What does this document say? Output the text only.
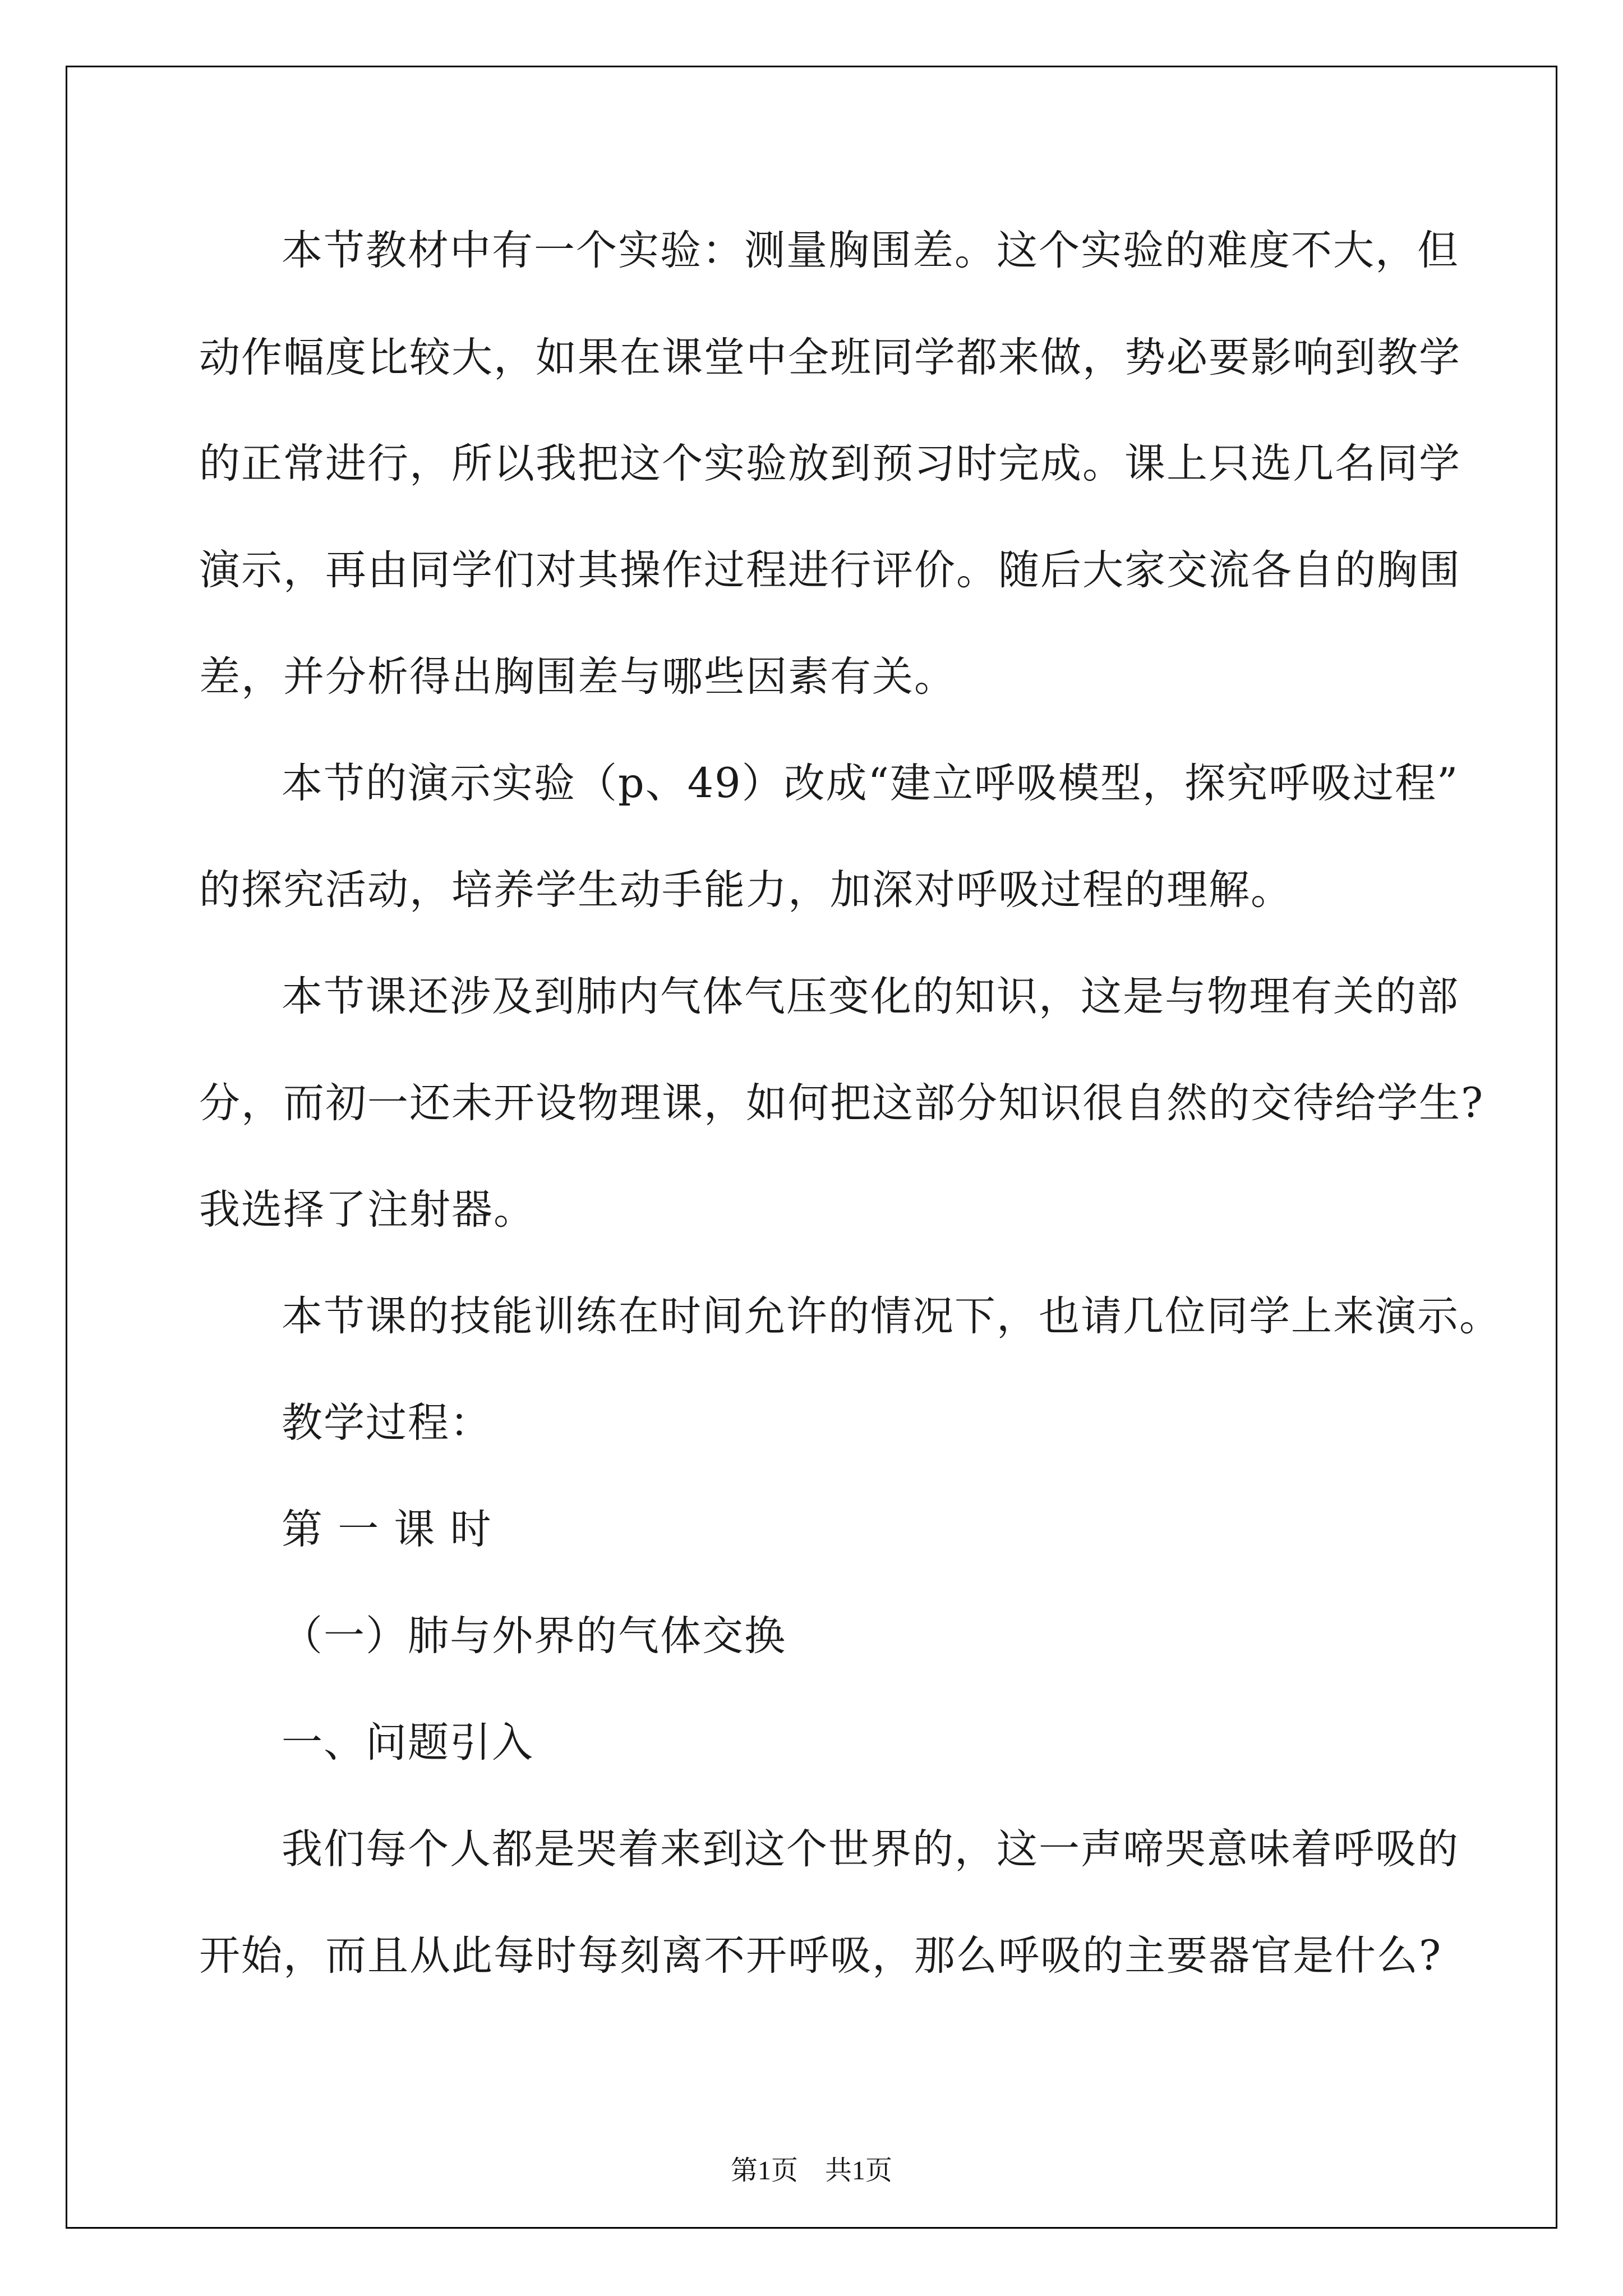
本节教材中有一个实验：测量胸围差。这个实验的难度不大，但
动作幅度比较大，如果在课堂中全班同学都来做，势必要影响到教学
的正常进行，所以我把这个实验放到预习时完成。课上只选几名同学
演示，再由同学们对其操作过程进行评价。随后大家交流各自的胸围
差，并分析得出胸围差与哪些因素有关。
本节的演示实验（p、49）改成“建立呼吸模型，探究呼吸过程”
的探究活动，培养学生动手能力，加深对呼吸过程的理解。
本节课还涉及到肺内气体气压变化的知识，这是与物理有关的部
分，而初一还未开设物理课，如何把这部分知识很自然的交待给学生?
我选择了注射器。
本节课的技能训练在时间允许的情况下，也请几位同学上来演示。
教学过程：
第 一 课 时
（一）肺与外界的气体交换
一、问题引入
我们每个人都是哭着来到这个世界的，这一声啼哭意味着呼吸的
开始，而且从此每时每刻离不开呼吸，那么呼吸的主要器官是什么?
第1页　共1页
